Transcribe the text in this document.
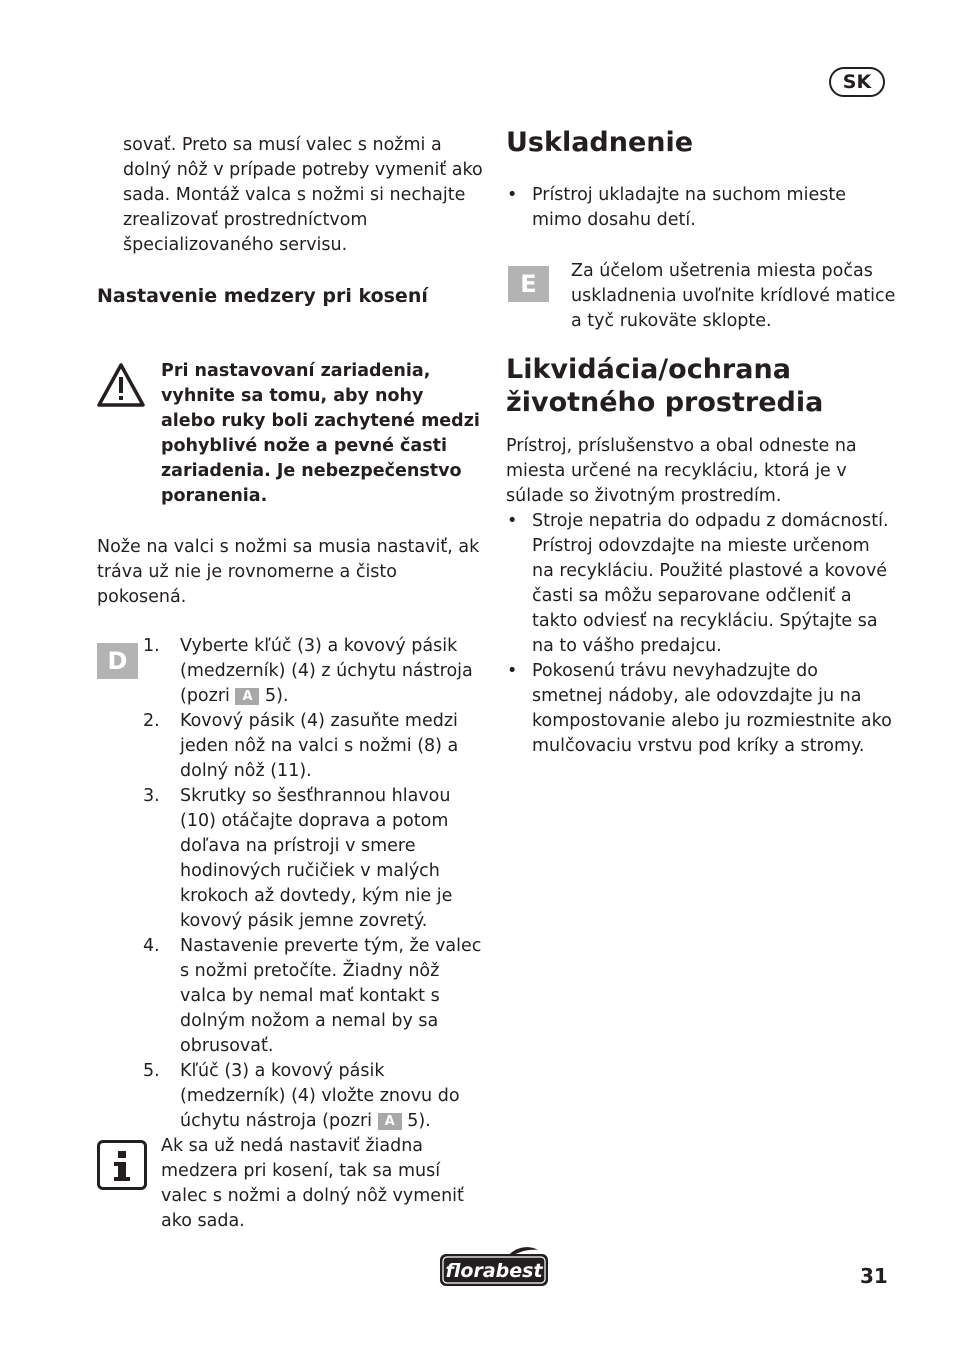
SK
sovať. Preto sa musí valec s nožmi a dolný nôž v prípade potreby vymeniť ako sada. Montáž valca s nožmi si nechajte zrealizovať prostredníctvom špecializovaného servisu.
Nastavenie medzery pri kosení
Pri nastavovaní zariadenia, vyhnite sa tomu, aby nohy alebo ruky boli zachytené medzi pohyblivé nože a pevné časti zariadenia. Je nebezpečenstvo poranenia.
Nože na valci s nožmi sa musia nastaviť, ak tráva už nie je rovnomerne a čisto pokosená.
D
1. Vyberte kľúč (3) a kovový pásik (medzerník) (4) z úchytu nástroja (pozri A 5).
2. Kovový pásik (4) zasuňte medzi jeden nôž na valci s nožmi (8) a dolný nôž (11).
3. Skrutky so šesťhrannou hlavou (10) otáčajte doprava a potom doľava na prístroji v smere hodinových ručičiek v malých krokoch až dovtedy, kým nie je kovový pásik jemne zovretý.
4. Nastavenie preverte tým, že valec s nožmi pretočíte. Žiadny nôž valca by nemal mať kontakt s dolným nožom a nemal by sa obrusovať.
5. Kľúč (3) a kovový pásik (medzerník) (4) vložte znovu do úchytu nástroja (pozri A 5).
Ak sa už nedá nastaviť žiadna medzera pri kosení, tak sa musí valec s nožmi a dolný nôž vymeniť ako sada.
Uskladnenie
• Prístroj ukladajte na suchom mieste mimo dosahu detí.
E	Za účelom ušetrenia miesta počas uskladnenia uvoľnite krídlové matice a tyč rukoväte sklopte.
Likvidácia/ochrana životného prostredia
Prístroj, príslušenstvo a obal odneste na miesta určené na recykláciu, ktorá je v súlade so životným prostredím.
• Stroje nepatria do odpadu z domácností. Prístroj odovzdajte na mieste určenom na recykláciu. Použité plastové a kovové časti sa môžu separovane odčleniť a takto odviesť na recykláciu. Spýtajte sa na to vášho predajcu.
• Pokosenú trávu nevyhadzujte do smetnej nádoby, ale odovzdajte ju na kompostovanie alebo ju rozmiestnite ako mulčovaciu vrstvu pod kríky a stromy.
florabest	31
